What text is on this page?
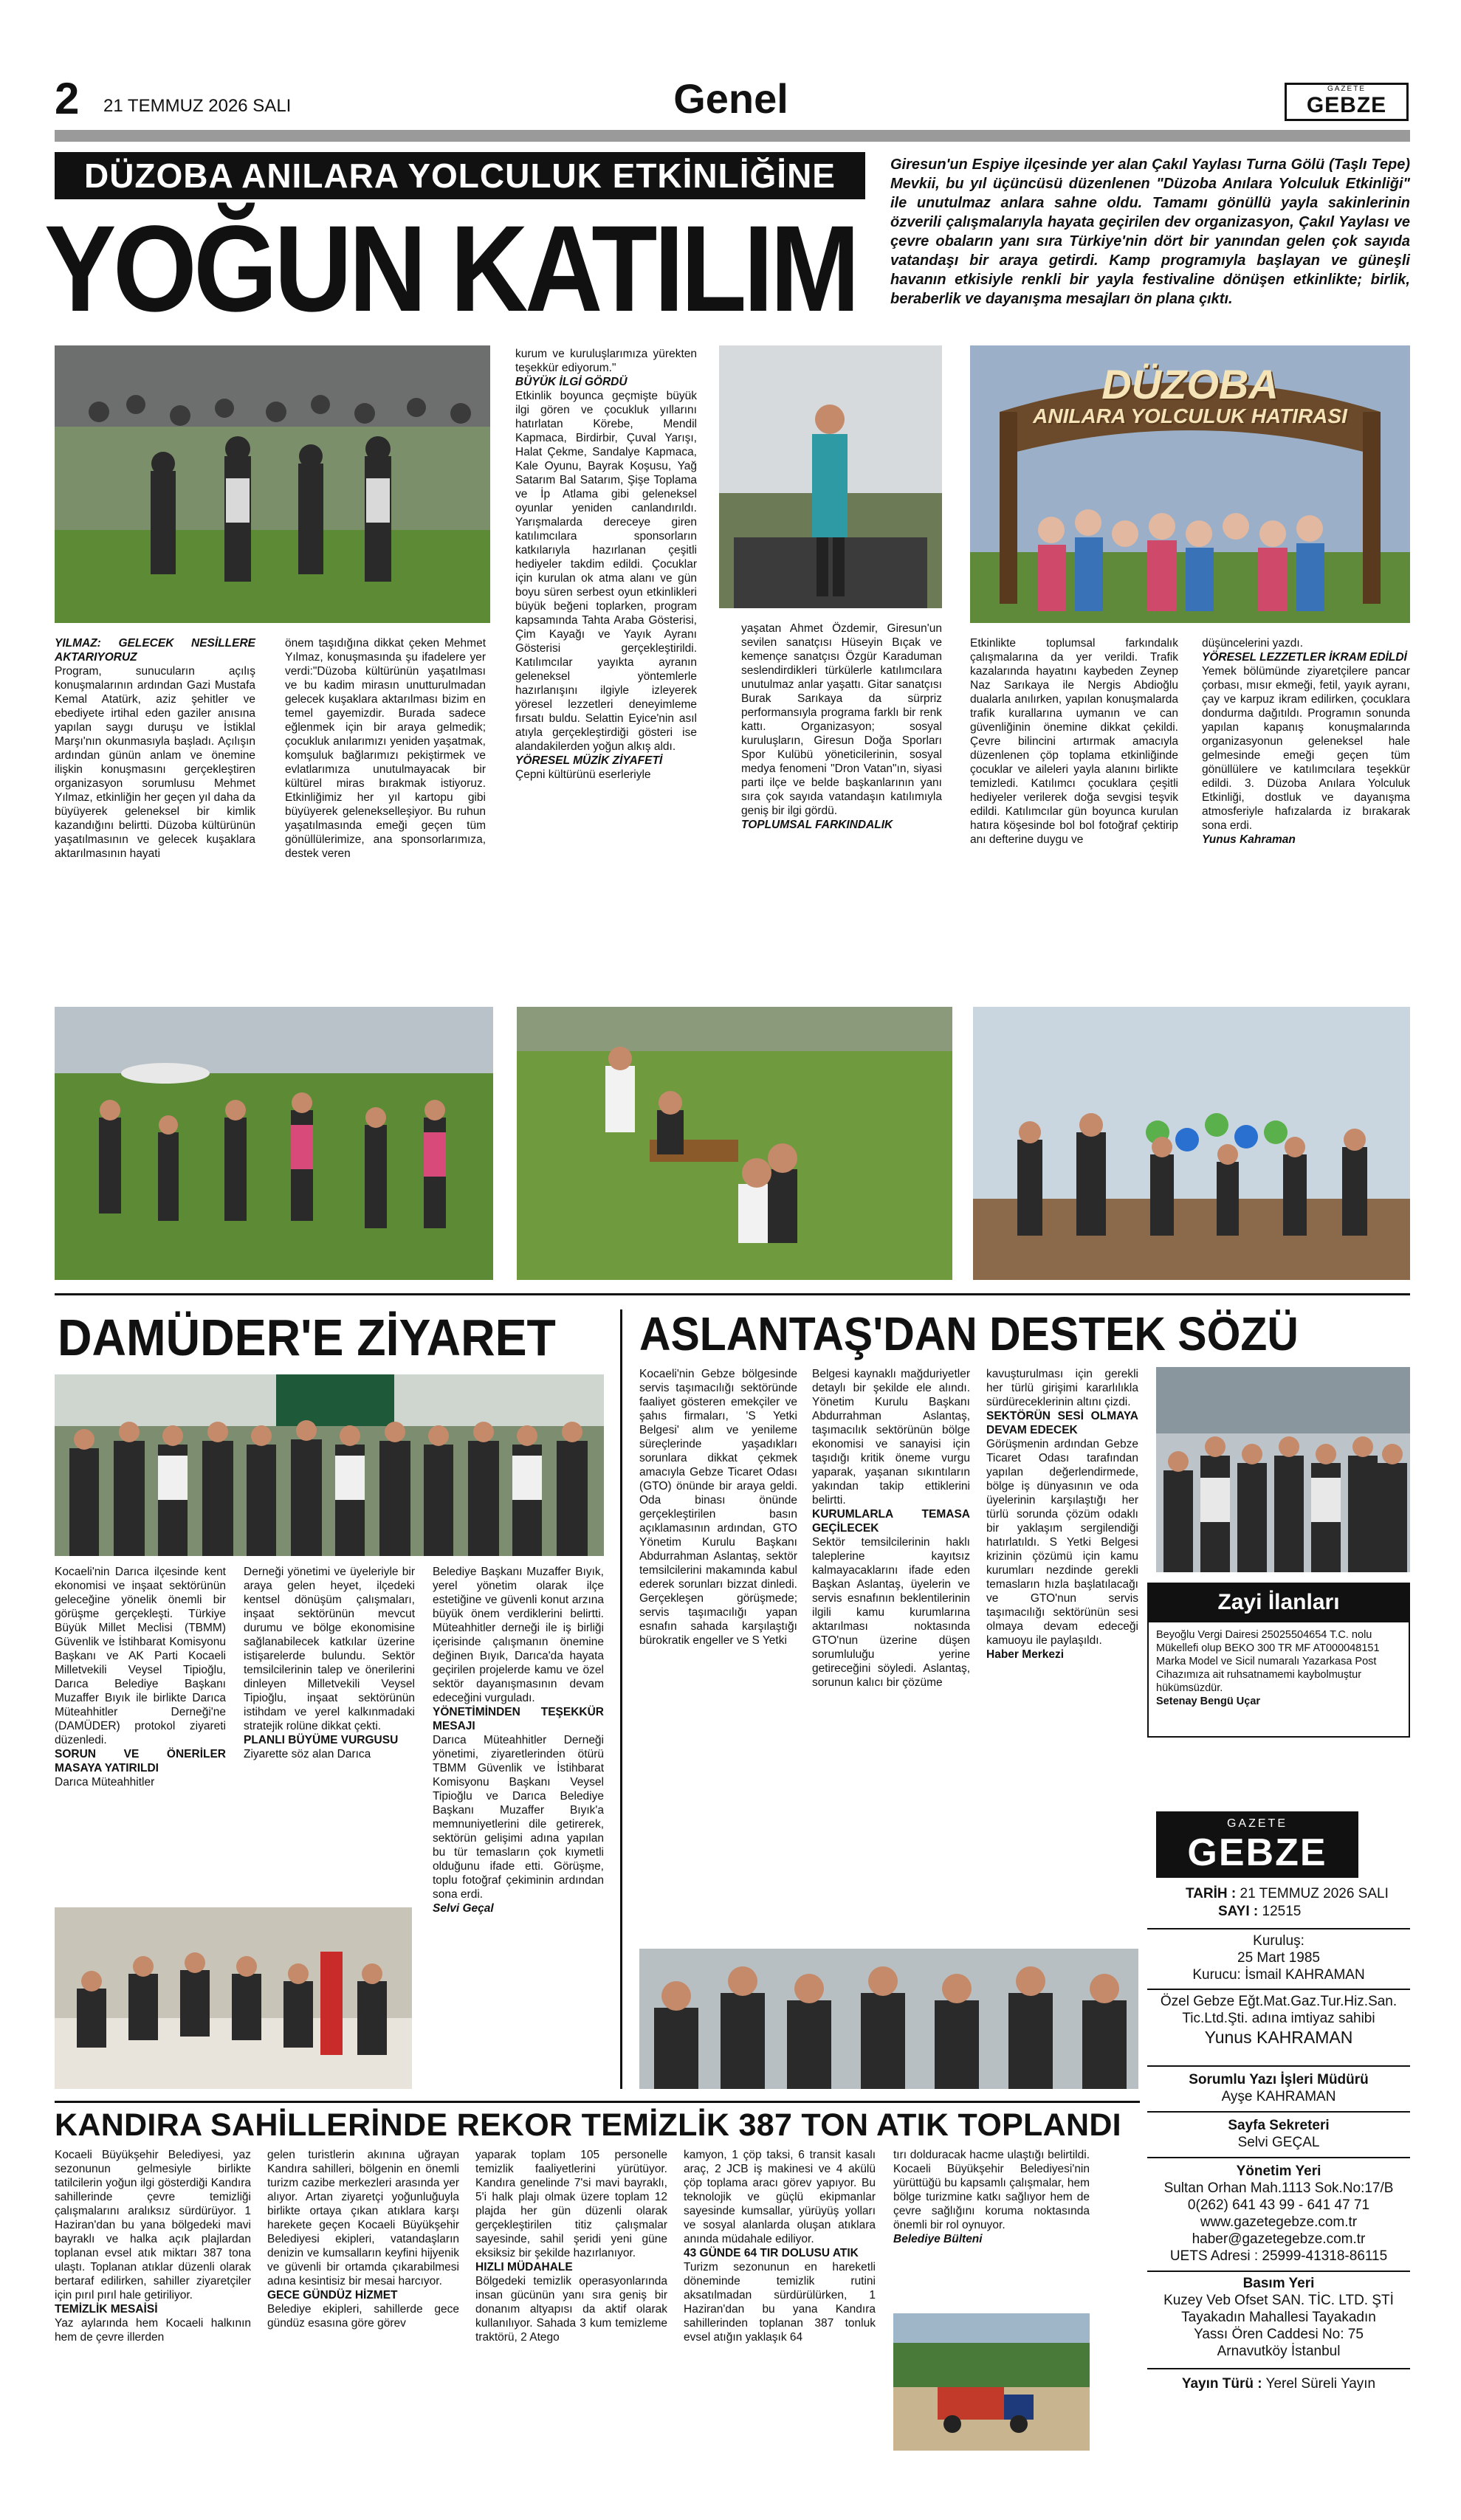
2 21 TEMMUZ 2026 SALI	Genel	GAZETE
GEBZE
DÜZOBA ANILARA YOLCULUK ETKİNLİĞİNE
YOĞUN KATILIM
Giresun'un Espiye ilçesinde yer alan Çakıl Yaylası Turna Gölü (Taşlı Tepe) Mevkii, bu yıl üçüncüsü düzenlenen "Düzoba Anılara Yolculuk Etkinliği" ile unutulmaz anlara sahne oldu. Tamamı gönüllü yayla sakinlerinin özverili çalışmalarıyla hayata geçirilen dev organizasyon, Çakıl Yaylası ve çevre obaların yanı sıra Türkiye'nin dört bir yanından gelen çok sayıda vatandaşı bir araya getirdi. Kamp programıyla başlayan ve güneşli havanın etkisiyle renkli bir yayla festivaline dönüşen etkinlikte; birlik, beraberlik ve dayanışma mesajları ön plana çıktı.
DÜZOBA
ANILARA YOLCULUK HATIRASI
YILMAZ: GELECEK NESİLLERE AKTARIYORUZ
Program, sunucuların açılış konuşmalarının ardından Gazi Mustafa Kemal Atatürk, aziz şehitler ve ebediyete irtihal eden gaziler anısına yapılan saygı duruşu ve İstiklal Marşı'nın okunmasıyla başladı. Açılışın ardından günün anlam ve önemine ilişkin konuşmasını gerçekleştiren organizasyon sorumlusu Mehmet Yılmaz, etkinliğin her geçen yıl daha da büyüyerek geleneksel bir kimlik kazandığını belirtti. Düzoba kültürünün yaşatılmasının ve gelecek kuşaklara aktarılmasının hayati
önem taşıdığına dikkat çeken Mehmet Yılmaz, konuşmasında şu ifadelere yer verdi:"Düzoba kültürünün yaşatılması ve bu kadim mirasın unutturulmadan gelecek kuşaklara aktarılması bizim en temel gayemizdir. Burada sadece eğlenmek için bir araya gelmedik; çocukluk anılarımızı yeniden yaşatmak, komşuluk bağlarımızı pekiştirmek ve evlatlarımıza unutulmayacak bir kültürel miras bırakmak istiyoruz. Etkinliğimiz her yıl kartopu gibi büyüyerek gelenekselleşiyor. Bu ruhun yaşatılmasında emeği geçen tüm gönüllülerimize, ana sponsorlarımıza, destek veren
kurum ve kuruluşlarımıza yürekten teşekkür ediyorum."
BÜYÜK İLGİ GÖRDÜ
Etkinlik boyunca geçmişte büyük ilgi gören ve çocukluk yıllarını hatırlatan Körebe, Mendil Kapmaca, Birdirbir, Çuval Yarışı, Halat Çekme, Sandalye Kapmaca, Kale Oyunu, Bayrak Koşusu, Yağ Satarım Bal Satarım, Şişe Toplama ve İp Atlama gibi geleneksel oyunlar yeniden canlandırıldı. Yarışmalarda dereceye giren katılımcılara sponsorların katkılarıyla hazırlanan çeşitli hediyeler takdim edildi. Çocuklar için kurulan ok atma alanı ve gün boyu süren serbest oyun etkinlikleri büyük beğeni toplarken, program kapsamında Tahta Araba Gösterisi, Çim Kayağı ve Yayık Ayranı Gösterisi gerçekleştirildi. Katılımcılar yayıkta ayranın geleneksel yöntemlerle hazırlanışını ilgiyle izleyerek yöresel lezzetleri deneyimleme fırsatı buldu. Selattin Eyice'nin asıl atıyla gerçekleştirdiği gösteri ise alandakilerden yoğun alkış aldı.
YÖRESEL MÜZİK ZİYAFETİ
Çepni kültürünü eserleriyle
yaşatan Ahmet Özdemir, Giresun'un sevilen sanatçısı Hüseyin Bıçak ve kemençe sanatçısı Özgür Karaduman seslendirdikleri türkülerle katılımcılara unutulmaz anlar yaşattı. Gitar sanatçısı Burak Sarıkaya da sürpriz performansıyla programa farklı bir renk kattı. Organizasyon; sosyal kuruluşların, Giresun Doğa Sporları Spor Kulübü yöneticilerinin, sosyal medya fenomeni "Dron Vatan"ın, siyasi parti ilçe ve belde başkanlarının yanı sıra çok sayıda vatandaşın katılımıyla geniş bir ilgi gördü.
TOPLUMSAL FARKINDALIK
Etkinlikte toplumsal farkındalık çalışmalarına da yer verildi. Trafik kazalarında hayatını kaybeden Zeynep Naz Sarıkaya ile Nergis Abdioğlu dualarla anılırken, yapılan konuşmalarda trafik kurallarına uymanın ve can güvenliğinin önemine dikkat çekildi. Çevre bilincini artırmak amacıyla düzenlenen çöp toplama etkinliğinde çocuklar ve aileleri yayla alanını birlikte temizledi. Katılımcı çocuklara çeşitli hediyeler verilerek doğa sevgisi teşvik edildi. Katılımcılar gün boyunca kurulan hatıra köşesinde bol bol fotoğraf çektirip anı defterine duygu ve
düşüncelerini yazdı.
YÖRESEL LEZZETLER İKRAM EDİLDİ
Yemek bölümünde ziyaretçilere pancar çorbası, mısır ekmeği, fetil, yayık ayranı, çay ve karpuz ikram edilirken, çocuklara dondurma dağıtıldı. Programın sonunda yapılan kapanış konuşmalarında organizasyonun geleneksel hale gelmesinde emeği geçen tüm gönüllülere ve katılımcılara teşekkür edildi. 3. Düzoba Anılara Yolculuk Etkinliği, dostluk ve dayanışma atmosferiyle hafızalarda iz bırakarak sona erdi.
Yunus Kahraman
DAMÜDER'E ZİYARET
Kocaeli'nin Darıca ilçesinde kent ekonomisi ve inşaat sektörünün geleceğine yönelik önemli bir görüşme gerçekleşti. Türkiye Büyük Millet Meclisi (TBMM) Güvenlik ve İstihbarat Komisyonu Başkanı ve AK Parti Kocaeli Milletvekili Veysel Tipioğlu, Darıca Belediye Başkanı Muzaffer Bıyık ile birlikte Darıca Müteahhitler Derneği'ne (DAMÜDER) protokol ziyareti düzenledi.
SORUN VE ÖNERİLER MASAYA YATIRILDI
Darıca Müteahhitler
Derneği yönetimi ve üyeleriyle bir araya gelen heyet, ilçedeki kentsel dönüşüm çalışmaları, inşaat sektörünün mevcut durumu ve bölge ekonomisine sağlanabilecek katkılar üzerine istişarelerde bulundu. Sektör temsilcilerinin talep ve önerilerini dinleyen Milletvekili Veysel Tipioğlu, inşaat sektörünün istihdam ve yerel kalkınmadaki stratejik rolüne dikkat çekti.
PLANLI BÜYÜME VURGUSU
Ziyarette söz alan Darıca
Belediye Başkanı Muzaffer Bıyık, yerel yönetim olarak ilçe estetiğine ve güvenli konut arzına büyük önem verdiklerini belirtti. Müteahhitler derneği ile iş birliği içerisinde çalışmanın önemine değinen Bıyık, Darıca'da hayata geçirilen projelerde kamu ve özel sektör dayanışmasının devam edeceğini vurguladı.
YÖNETİMİNDEN TEŞEKKÜR MESAJI
Darıca Müteahhitler Derneği yönetimi, ziyaretlerinden ötürü TBMM Güvenlik ve İstihbarat Komisyonu Başkanı Veysel Tipioğlu ve Darıca Belediye Başkanı Muzaffer Bıyık'a memnuniyetlerini dile getirerek, sektörün gelişimi adına yapılan bu tür temasların çok kıymetli olduğunu ifade etti. Görüşme, toplu fotoğraf çekiminin ardından sona erdi.
Selvi Geçal
ASLANTAŞ'DAN DESTEK SÖZÜ
Kocaeli'nin Gebze bölgesinde servis taşımacılığı sektöründe faaliyet gösteren emekçiler ve şahıs firmaları, 'S Yetki Belgesi' alım ve yenileme süreçlerinde yaşadıkları sorunlara dikkat çekmek amacıyla Gebze Ticaret Odası (GTO) önünde bir araya geldi. Oda binası önünde gerçekleştirilen basın açıklamasının ardından, GTO Yönetim Kurulu Başkanı Abdurrahman Aslantaş, sektör temsilcilerini makamında kabul ederek sorunları bizzat dinledi. Gerçekleşen görüşmede; servis taşımacılığı yapan esnafın sahada karşılaştığı bürokratik engeller ve S Yetki
Belgesi kaynaklı mağduriyetler detaylı bir şekilde ele alındı. Yönetim Kurulu Başkanı Abdurrahman Aslantaş, taşımacılık sektörünün bölge ekonomisi ve sanayisi için taşıdığı kritik öneme vurgu yaparak, yaşanan sıkıntıların yakından takip ettiklerini belirtti.
KURUMLARLA TEMASA GEÇİLECEK
Sektör temsilcilerinin haklı taleplerine kayıtsız kalmayacaklarını ifade eden Başkan Aslantaş, üyelerin ve servis esnafının beklentilerinin ilgili kamu kurumlarına aktarılması noktasında GTO'nun üzerine düşen sorumluluğu yerine getireceğini söyledi. Aslantaş, sorunun kalıcı bir çözüme
kavuşturulması için gerekli her türlü girişimi kararlılıkla sürdüreceklerinin altını çizdi.
SEKTÖRÜN SESİ OLMAYA DEVAM EDECEK
Görüşmenin ardından Gebze Ticaret Odası tarafından yapılan değerlendirmede, bölge iş dünyasının ve oda üyelerinin karşılaştığı her türlü sorunda çözüm odaklı bir yaklaşım sergilendiği hatırlatıldı. S Yetki Belgesi krizinin çözümü için kamu kurumları nezdinde gerekli temasların hızla başlatılacağı ve GTO'nun servis taşımacılığı sektörünün sesi olmaya devam edeceği kamuoyu ile paylaşıldı.
Haber Merkezi
Zayi İlanları
Beyoğlu Vergi Dairesi 25025504654 T.C. nolu Mükellefi olup BEKO 300 TR MF AT000048151 Marka Model ve Sicil numaralı Yazarkasa Post Cihazımıza ait ruhsatnamemi kaybolmuştur hükümsüzdür.
Setenay Bengü Uçar
GAZETE
GEBZE
TARİH : 21 TEMMUZ 2026 SALI
SAYI : 12515
Kuruluş:
25 Mart 1985
Kurucu: İsmail KAHRAMAN
Özel Gebze Eğt.Mat.Gaz.Tur.Hiz.San. Tic.Ltd.Şti. adına imtiyaz sahibi
Yunus KAHRAMAN
Sorumlu Yazı İşleri Müdürü
Ayşe KAHRAMAN
Sayfa Sekreteri
Selvi GEÇAL
Yönetim Yeri
Sultan Orhan Mah.1113 Sok.No:17/B
0(262) 641 43 99 - 641 47 71
www.gazetegebze.com.tr
haber@gazetegebze.com.tr
UETS Adresi : 25999-41318-86115
Basım Yeri
Kuzey Veb Ofset SAN. TİC. LTD. ŞTİ
Tayakadın Mahallesi Tayakadın
Yassı Ören Caddesi No: 75
Arnavutköy İstanbul
Yayın Türü : Yerel Süreli Yayın
KANDIRA SAHİLLERİNDE REKOR TEMİZLİK 387 TON ATIK TOPLANDI
Kocaeli Büyükşehir Belediyesi, yaz sezonunun gelmesiyle birlikte tatilcilerin yoğun ilgi gösterdiği Kandıra sahillerinde çevre temizliği çalışmalarını aralıksız sürdürüyor. 1 Haziran'dan bu yana bölgedeki mavi bayraklı ve halka açık plajlardan toplanan evsel atık miktarı 387 tona ulaştı. Toplanan atıklar düzenli olarak bertaraf edilirken, sahiller ziyaretçiler için pırıl pırıl hale getiriliyor.
TEMİZLİK MESAİSİ
Yaz aylarında hem Kocaeli halkının hem de çevre illerden
gelen turistlerin akınına uğrayan Kandıra sahilleri, bölgenin en önemli turizm cazibe merkezleri arasında yer alıyor. Artan ziyaretçi yoğunluğuyla birlikte ortaya çıkan atıklara karşı harekete geçen Kocaeli Büyükşehir Belediyesi ekipleri, vatandaşların denizin ve kumsalların keyfini hijyenik ve güvenli bir ortamda çıkarabilmesi adına kesintisiz bir mesai harcıyor.
GECE GÜNDÜZ HİZMET
Belediye ekipleri, sahillerde gece gündüz esasına göre görev
yaparak toplam 105 personelle temizlik faaliyetlerini yürütüyor. Kandıra genelinde 7'si mavi bayraklı, 5'i halk plajı olmak üzere toplam 12 plajda her gün düzenli olarak gerçekleştirilen titiz çalışmalar sayesinde, sahil şeridi yeni güne eksiksiz bir şekilde hazırlanıyor.
HIZLI MÜDAHALE
Bölgedeki temizlik operasyonlarında insan gücünün yanı sıra geniş bir donanım altyapısı da aktif olarak kullanılıyor. Sahada 3 kum temizleme traktörü, 2 Atego
kamyon, 1 çöp taksi, 6 transit kasalı araç, 2 JCB iş makinesi ve 4 akülü çöp toplama aracı görev yapıyor. Bu teknolojik ve güçlü ekipmanlar sayesinde kumsallar, yürüyüş yolları ve sosyal alanlarda oluşan atıklara anında müdahale ediliyor.
43 GÜNDE 64 TIR DOLUSU ATIK
Turizm sezonunun en hareketli döneminde temizlik rutini aksatılmadan sürdürülürken, 1 Haziran'dan bu yana Kandıra sahillerinden toplanan 387 tonluk evsel atığın yaklaşık 64
tırı dolduracak hacme ulaştığı belirtildi. Kocaeli Büyükşehir Belediyesi'nin yürüttüğü bu kapsamlı çalışmalar, hem bölge turizmine katkı sağlıyor hem de çevre sağlığını koruma noktasında önemli bir rol oynuyor.
Belediye Bülteni
